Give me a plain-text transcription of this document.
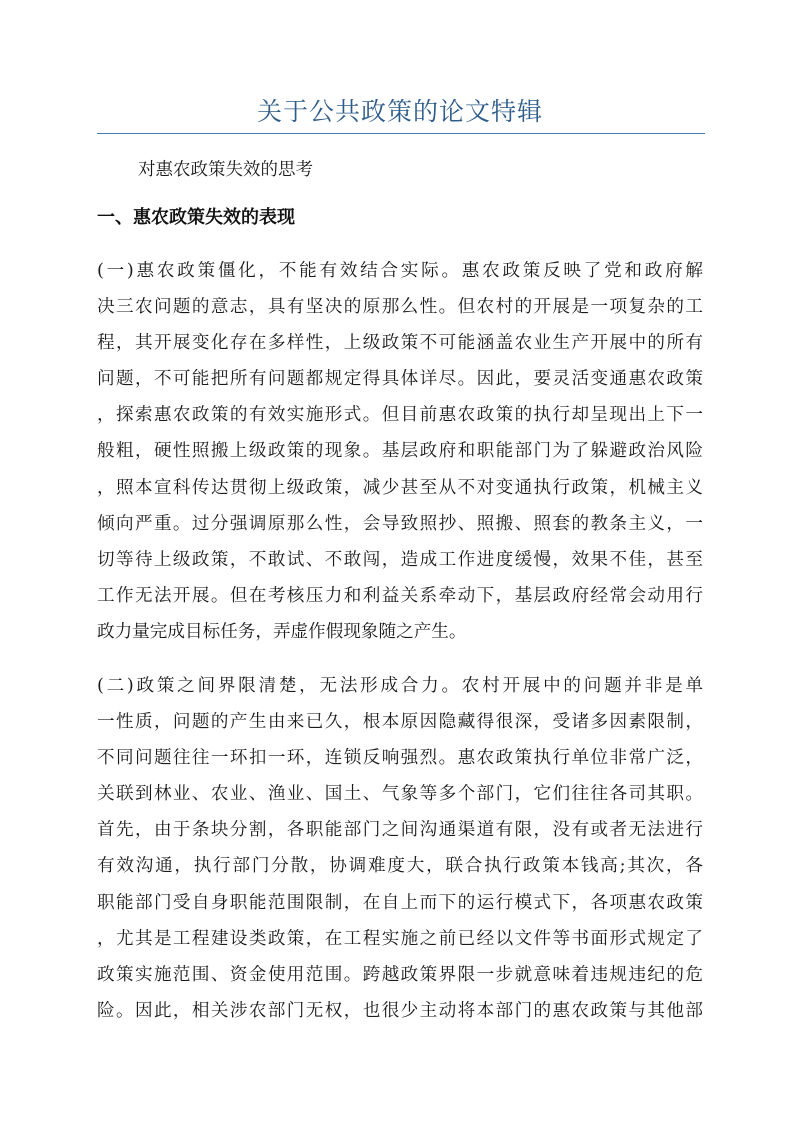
关于公共政策的论文特辑
对惠农政策失效的思考
一、惠农政策失效的表现
(一)惠农政策僵化，不能有效结合实际。惠农政策反映了党和政府解
决三农问题的意志，具有坚决的原那么性。但农村的开展是一项复杂的工
程，其开展变化存在多样性，上级政策不可能涵盖农业生产开展中的所有
问题，不可能把所有问题都规定得具体详尽。因此，要灵活变通惠农政策
，探索惠农政策的有效实施形式。但目前惠农政策的执行却呈现出上下一
般粗，硬性照搬上级政策的现象。基层政府和职能部门为了躲避政治风险
，照本宣科传达贯彻上级政策，减少甚至从不对变通执行政策，机械主义
倾向严重。过分强调原那么性，会导致照抄、照搬、照套的教条主义，一
切等待上级政策，不敢试、不敢闯，造成工作进度缓慢，效果不佳，甚至
工作无法开展。但在考核压力和利益关系牵动下，基层政府经常会动用行
政力量完成目标任务，弄虚作假现象随之产生。
(二)政策之间界限清楚，无法形成合力。农村开展中的问题并非是单
一性质，问题的产生由来已久，根本原因隐藏得很深，受诸多因素限制，
不同问题往往一环扣一环，连锁反响强烈。惠农政策执行单位非常广泛，
关联到林业、农业、渔业、国土、气象等多个部门，它们往往各司其职。
首先，由于条块分割，各职能部门之间沟通渠道有限，没有或者无法进行
有效沟通，执行部门分散，协调难度大，联合执行政策本钱高;其次，各
职能部门受自身职能范围限制，在自上而下的运行模式下，各项惠农政策
，尤其是工程建设类政策，在工程实施之前已经以文件等书面形式规定了
政策实施范围、资金使用范围。跨越政策界限一步就意味着违规违纪的危
险。因此，相关涉农部门无权，也很少主动将本部门的惠农政策与其他部
